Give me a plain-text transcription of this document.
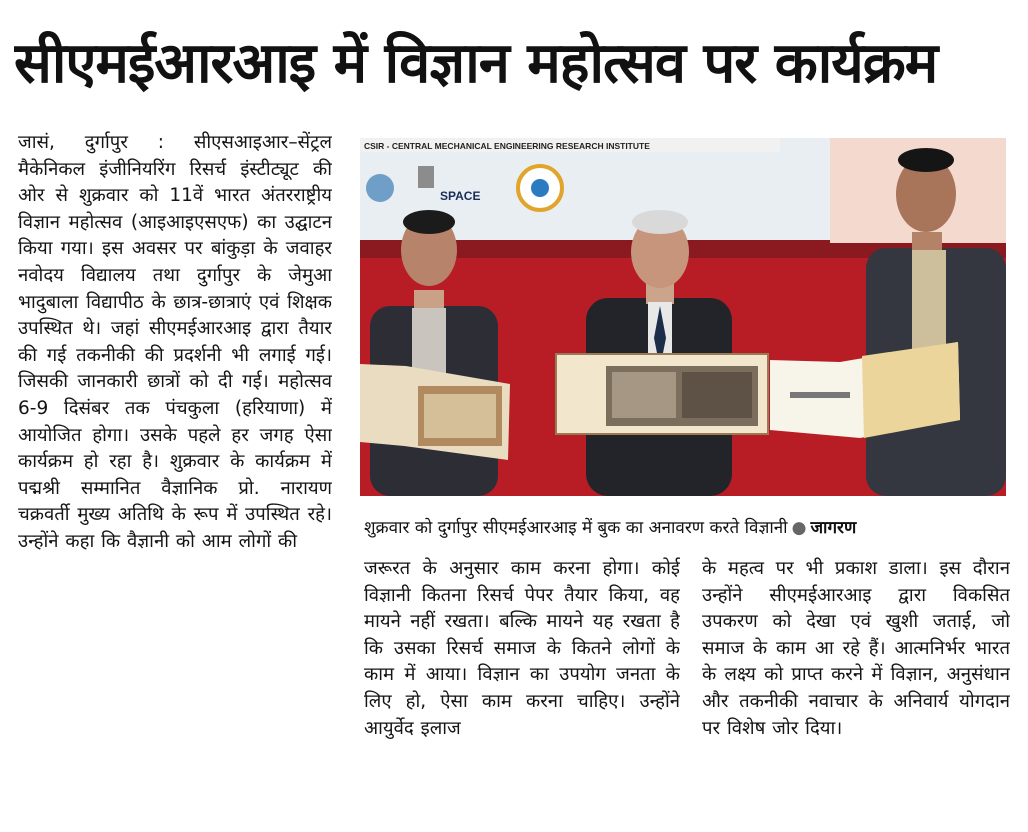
सीएमईआरआइ में विज्ञान महोत्सव पर कार्यक्रम
जासं, दुर्गापुर : सीएसआइआर–सेंट्रल मैकेनिकल इंजीनियरिंग रिसर्च इंस्टीट्यूट की ओर से शुक्रवार को 11वें भारत अंतरराष्ट्रीय विज्ञान महोत्सव (आइआइएसएफ) का उद्घाटन किया गया। इस अवसर पर बांकुड़ा के जवाहर नवोदय विद्यालय तथा दुर्गापुर के जेमुआ भादुबाला विद्यापीठ के छात्र-छात्राएं एवं शिक्षक उपस्थित थे। जहां सीएमईआरआइ द्वारा तैयार की गई तकनीकी की प्रदर्शनी भी लगाई गई। जिसकी जानकारी छात्रों को दी गई। महोत्सव 6-9 दिसंबर तक पंचकुला (हरियाणा) में आयोजित होगा। उसके पहले हर जगह ऐसा कार्यक्रम हो रहा है। शुक्रवार के कार्यक्रम में पद्मश्री सम्मानित वैज्ञानिक प्रो. नारायण चक्रवर्ती मुख्य अतिथि के रूप में उपस्थित रहे। उन्होंने कहा कि वैज्ञानी को आम लोगों की
CSIR - CENTRAL MECHANICAL ENGINEERING RESEARCH INSTITUTE
SPACE
शुक्रवार को दुर्गापुर सीएमईआरआइ में बुक का अनावरण करते विज्ञानी ● जागरण
जरूरत के अनुसार काम करना होगा। कोई विज्ञानी कितना रिसर्च पेपर तैयार किया, वह मायने नहीं रखता। बल्कि मायने यह रखता है कि उसका रिसर्च समाज के कितने लोगों के काम में आया। विज्ञान का उपयोग जनता के लिए हो, ऐसा काम करना चाहिए। उन्होंने आयुर्वेद इलाज
के महत्व पर भी प्रकाश डाला। इस दौरान उन्होंने सीएमईआरआइ द्वारा विकसित उपकरण को देखा एवं खुशी जताई, जो समाज के काम आ रहे हैं। आत्मनिर्भर भारत के लक्ष्य को प्राप्त करने में विज्ञान, अनुसंधान और तकनीकी नवाचार के अनिवार्य योगदान पर विशेष जोर दिया।
